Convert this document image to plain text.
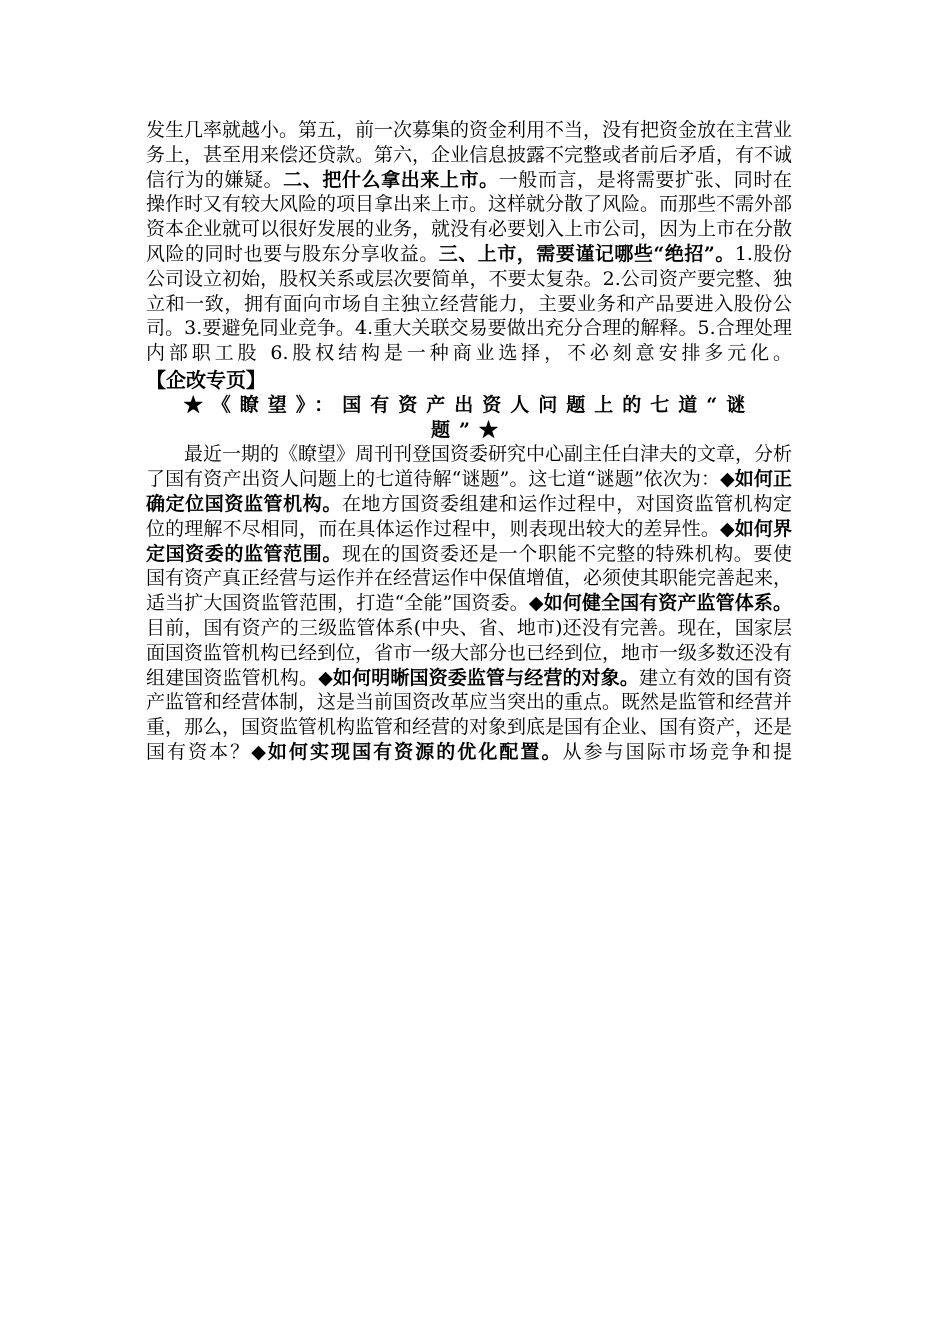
发生几率就越小。第五，前一次募集的资金利用不当，没有把资金放在主营业务上，甚至用来偿还贷款。第六，企业信息披露不完整或者前后矛盾，有不诚信行为的嫌疑。二、把什么拿出来上市。一般而言，是将需要扩张、同时在操作时又有较大风险的项目拿出来上市。这样就分散了风险。而那些不需外部资本企业就可以很好发展的业务，就没有必要划入上市公司，因为上市在分散风险的同时也要与股东分享收益。三、上市，需要谨记哪些“绝招”。1.股份公司设立初始，股权关系或层次要简单，不要太复杂。2.公司资产要完整、独立和一致，拥有面向市场自主独立经营能力，主要业务和产品要进入股份公司。3.要避免同业竞争。4.重大关联交易要做出充分合理的解释。5.合理处理内部职工股 6.股权结构是一种商业选择，不必刻意安排多元化。

【企改专页】
★《瞭望》：国有资产出资人问题上的七道“谜题”★

最近一期的《瞭望》周刊刊登国资委研究中心副主任白津夫的文章，分析了国有资产出资人问题上的七道待解“谜题”。这七道“谜题”依次为：◆如何正确定位国资监管机构。在地方国资委组建和运作过程中，对国资监管机构定位的理解不尽相同，而在具体运作过程中，则表现出较大的差异性。◆如何界定国资委的监管范围。现在的国资委还是一个职能不完整的特殊机构。要使国有资产真正经营与运作并在经营运作中保值增值，必须使其职能完善起来，适当扩大国资监管范围，打造“全能”国资委。◆如何健全国有资产监管体系。目前，国有资产的三级监管体系(中央、省、地市)还没有完善。现在，国家层面国资监管机构已经到位，省市一级大部分也已经到位，地市一级多数还没有组建国资监管机构。◆如何明晰国资委监管与经营的对象。建立有效的国有资产监管和经营体制，这是当前国资改革应当突出的重点。既然是监管和经营并重，那么，国资监管机构监管和经营的对象到底是国有企业、国有资产，还是国有资本？◆如何实现国有资源的优化配置。从参与国际市场竞争和提
